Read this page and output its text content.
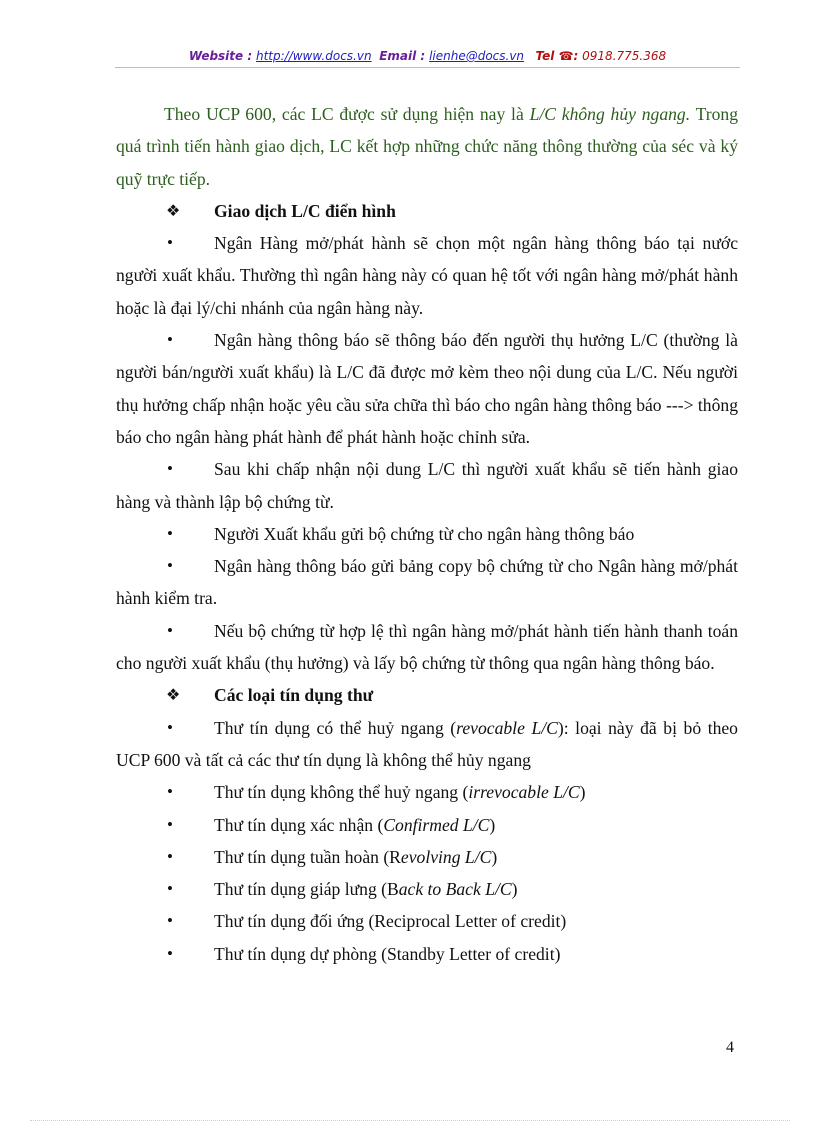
Website : http://www.docs.vn Email : lienhe@docs.vn Tel ☎: 0918.775.368

Theo UCP 600, các LC được sử dụng hiện nay là L/C không hủy ngang. Trong quá trình tiến hành giao dịch, LC kết hợp những chức năng thông thường của séc và ký quỹ trực tiếp.

❖	Giao dịch L/C điển hình

• Ngân Hàng mở/phát hành sẽ chọn một ngân hàng thông báo tại nước người xuất khẩu. Thường thì ngân hàng này có quan hệ tốt với ngân hàng mở/phát hành hoặc là đại lý/chi nhánh của ngân hàng này.

• Ngân hàng thông báo sẽ thông báo đến người thụ hưởng L/C (thường là người bán/người xuất khẩu) là L/C đã được mở kèm theo nội dung của L/C. Nếu người thụ hưởng chấp nhận hoặc yêu cầu sửa chữa thì báo cho ngân hàng thông báo ---> thông báo cho ngân hàng phát hành để phát hành hoặc chỉnh sửa.

• Sau khi chấp nhận nội dung L/C thì người xuất khẩu sẽ tiến hành giao hàng và thành lập bộ chứng từ.

• Người Xuất khẩu gửi bộ chứng từ cho ngân hàng thông báo

• Ngân hàng thông báo gửi bảng copy bộ chứng từ cho Ngân hàng mở/phát hành kiểm tra.

• Nếu bộ chứng từ hợp lệ thì ngân hàng mở/phát hành tiến hành thanh toán cho người xuất khẩu (thụ hưởng) và lấy bộ chứng từ thông qua ngân hàng thông báo.

❖	Các loại tín dụng thư

• Thư tín dụng có thể huỷ ngang (revocable L/C): loại này đã bị bỏ theo UCP 600 và tất cả các thư tín dụng là không thể hủy ngang

• Thư tín dụng không thể huỷ ngang (irrevocable L/C)

• Thư tín dụng xác nhận (Confirmed L/C)

• Thư tín dụng tuần hoàn (Revolving L/C)

• Thư tín dụng giáp lưng (Back to Back L/C)

• Thư tín dụng đối ứng (Reciprocal Letter of credit)

• Thư tín dụng dự phòng (Standby Letter of credit)

4
